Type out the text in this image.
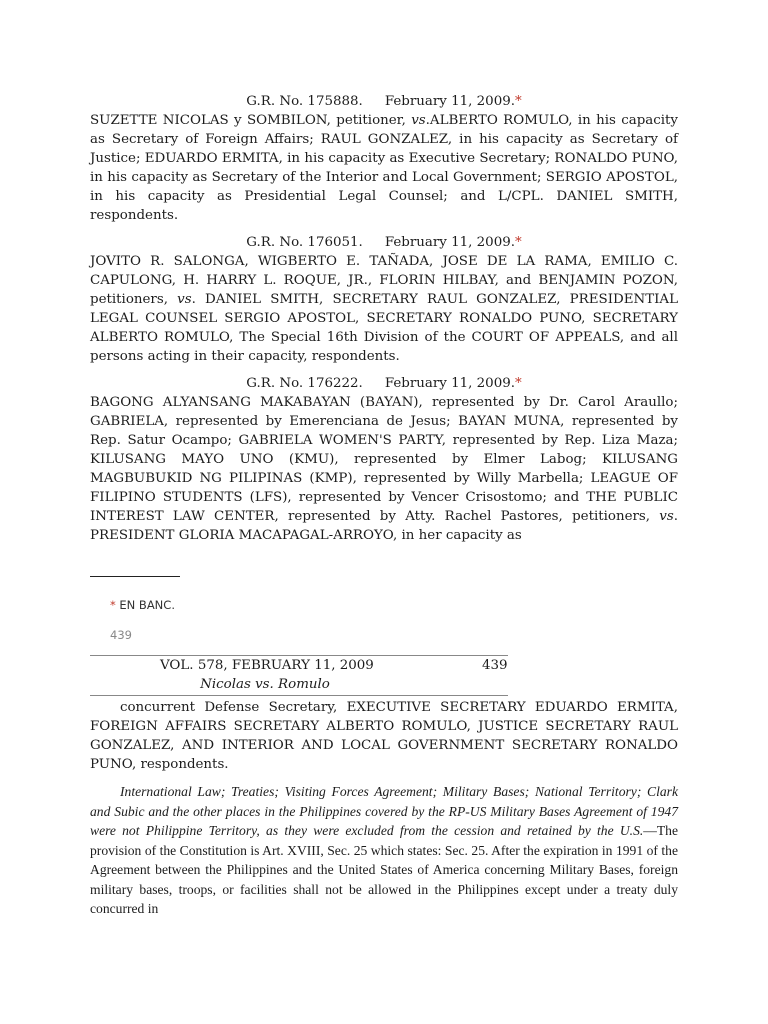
G.R. No. 175888. February 11, 2009.*

SUZETTE NICOLAS y SOMBILON, petitioner, vs.ALBERTO ROMULO, in his capacity as Secretary of Foreign Affairs; RAUL GONZALEZ, in his capacity as Secretary of Justice; EDUARDO ERMITA, in his capacity as Executive Secretary; RONALDO PUNO, in his capacity as Secretary of the Interior and Local Government; SERGIO APOSTOL, in his capacity as Presidential Legal Counsel; and L/CPL. DANIEL SMITH, respondents.

G.R. No. 176051. February 11, 2009.*

JOVITO R. SALONGA, WIGBERTO E. TAÑADA, JOSE DE LA RAMA, EMILIO C. CAPULONG, H. HARRY L. ROQUE, JR., FLORIN HILBAY, and BENJAMIN POZON, petitioners, vs. DANIEL SMITH, SECRETARY RAUL GONZALEZ, PRESIDENTIAL LEGAL COUNSEL SERGIO APOSTOL, SECRETARY RONALDO PUNO, SECRETARY ALBERTO ROMULO, The Special 16th Division of the COURT OF APPEALS, and all persons acting in their capacity, respondents.

G.R. No. 176222. February 11, 2009.*

BAGONG ALYANSANG MAKABAYAN (BAYAN), represented by Dr. Carol Araullo; GABRIELA, represented by Emerenciana de Jesus; BAYAN MUNA, represented by Rep. Satur Ocampo; GABRIELA WOMEN'S PARTY, represented by Rep. Liza Maza; KILUSANG MAYO UNO (KMU), represented by Elmer Labog; KILUSANG MAGBUBUKID NG PILIPINAS (KMP), represented by Willy Marbella; LEAGUE OF FILIPINO STUDENTS (LFS), represented by Vencer Crisostomo; and THE PUBLIC INTEREST LAW CENTER, represented by Atty. Rachel Pastores, petitioners, vs. PRESIDENT GLORIA MACAPAGAL-ARROYO, in her capacity as

* EN BANC.
439
VOL. 578, FEBRUARY 11, 2009	439
Nicolas vs. Romulo

concurrent Defense Secretary, EXECUTIVE SECRETARY EDUARDO ERMITA, FOREIGN AFFAIRS SECRETARY ALBERTO ROMULO, JUSTICE SECRETARY RAUL GONZALEZ, AND INTERIOR AND LOCAL GOVERNMENT SECRETARY RONALDO PUNO, respondents.

International Law; Treaties; Visiting Forces Agreement; Military Bases; National Territory; Clark and Subic and the other places in the Philippines covered by the RP-US Military Bases Agreement of 1947 were not Philippine Territory, as they were excluded from the cession and retained by the U.S.—The provision of the Constitution is Art. XVIII, Sec. 25 which states: Sec. 25. After the expiration in 1991 of the Agreement between the Philippines and the United States of America concerning Military Bases, foreign military bases, troops, or facilities shall not be allowed in the Philippines except under a treaty duly concurred in
